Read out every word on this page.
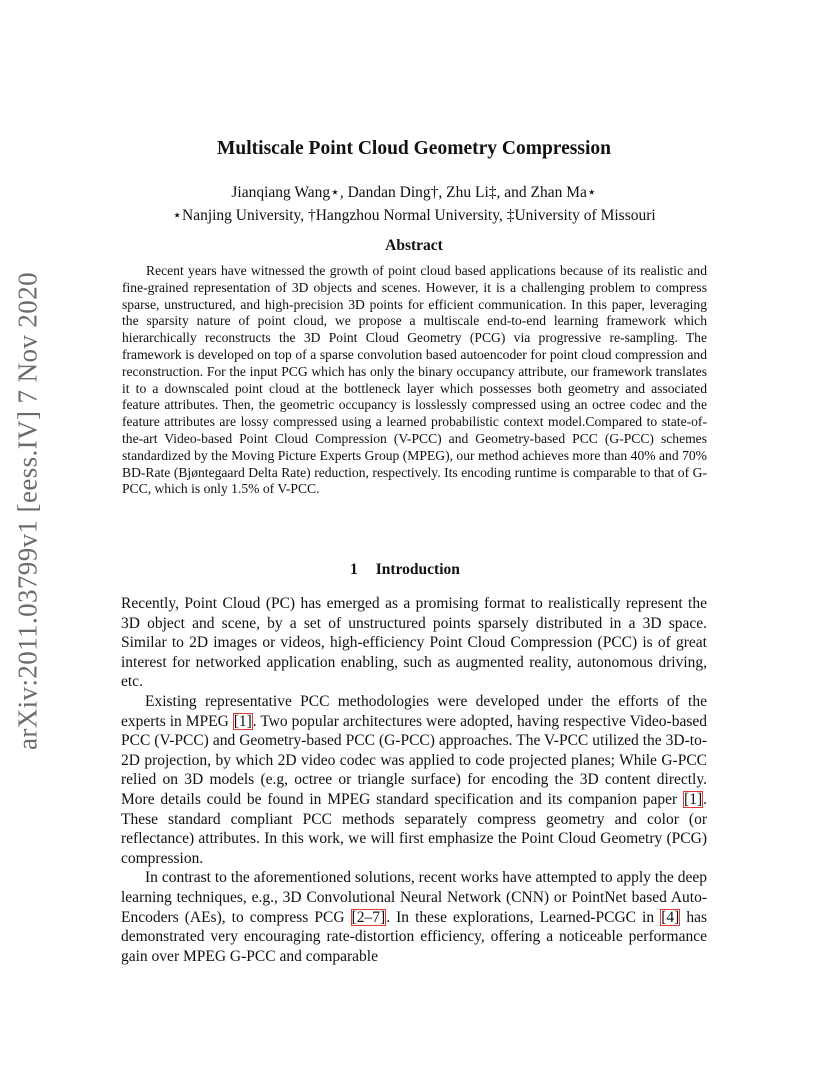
arXiv:2011.03799v1 [eess.IV] 7 Nov 2020
Multiscale Point Cloud Geometry Compression
Jianqiang Wang⋆, Dandan Ding†, Zhu Li‡, and Zhan Ma⋆
⋆Nanjing University, †Hangzhou Normal University, ‡University of Missouri
Abstract
Recent years have witnessed the growth of point cloud based applications because of its realistic and fine-grained representation of 3D objects and scenes. However, it is a challenging problem to compress sparse, unstructured, and high-precision 3D points for efficient communication. In this paper, leveraging the sparsity nature of point cloud, we propose a multiscale end-to-end learning framework which hierarchically reconstructs the 3D Point Cloud Geometry (PCG) via progressive re-sampling. The framework is developed on top of a sparse convolution based autoencoder for point cloud compression and reconstruction. For the input PCG which has only the binary occupancy attribute, our framework translates it to a downscaled point cloud at the bottleneck layer which possesses both geometry and associated feature attributes. Then, the geometric occupancy is losslessly compressed using an octree codec and the feature attributes are lossy compressed using a learned probabilistic context model.Compared to state-of-the-art Video-based Point Cloud Compression (V-PCC) and Geometry-based PCC (G-PCC) schemes standardized by the Moving Picture Experts Group (MPEG), our method achieves more than 40% and 70% BD-Rate (Bjøntegaard Delta Rate) reduction, respectively. Its encoding runtime is comparable to that of G-PCC, which is only 1.5% of V-PCC.
1 Introduction

Recently, Point Cloud (PC) has emerged as a promising format to realistically represent the 3D object and scene, by a set of unstructured points sparsely distributed in a 3D space. Similar to 2D images or videos, high-efficiency Point Cloud Compression (PCC) is of great interest for networked application enabling, such as augmented reality, autonomous driving, etc.

Existing representative PCC methodologies were developed under the efforts of the experts in MPEG [1]. Two popular architectures were adopted, having respective Video-based PCC (V-PCC) and Geometry-based PCC (G-PCC) approaches. The V-PCC utilized the 3D-to-2D projection, by which 2D video codec was applied to code projected planes; While G-PCC relied on 3D models (e.g, octree or triangle surface) for encoding the 3D content directly. More details could be found in MPEG standard specification and its companion paper [1]. These standard compliant PCC methods separately compress geometry and color (or reflectance) attributes. In this work, we will first emphasize the Point Cloud Geometry (PCG) compression.

In contrast to the aforementioned solutions, recent works have attempted to apply the deep learning techniques, e.g., 3D Convolutional Neural Network (CNN) or PointNet based Auto-Encoders (AEs), to compress PCG [2–7]. In these explorations, Learned-PCGC in [4] has demonstrated very encouraging rate-distortion efficiency, offering a noticeable performance gain over MPEG G-PCC and comparable
